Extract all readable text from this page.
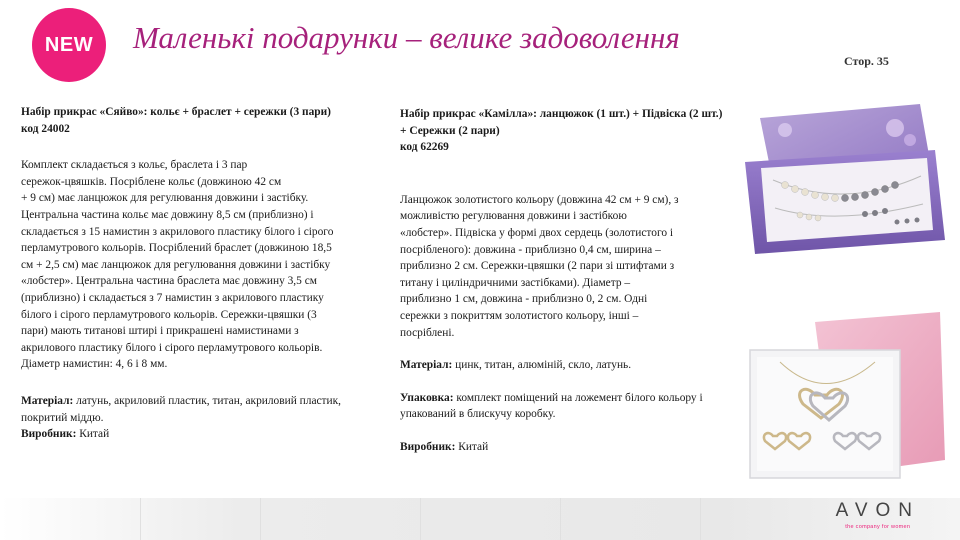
NEW Маленькі подарунки – велике задоволення
Стор. 35

Набір прикрас «Сяйво»: кольє + браслет + сережки (3 пари)

код 24002

Комплект складається з кольє, браслета і 3 пар

сережок-цвяшків. Посріблене кольє (довжиною 42 см

+ 9 см) має ланцюжок для регулювання довжини і застібку.

Центральна частина кольє має довжину 8,5 см (приблизно) і

складається з 15 намистин з акрилового пластику білого і сірого

перламутрового кольорів. Посріблений браслет (довжиною 18,5

см + 2,5 см) має ланцюжок для регулювання довжини і застібку

«лобстер». Центральна частина браслета має довжину 3,5 см

(приблизно) і складається з 7 намистин з акрилового пластику

білого і сірого перламутрового кольорів. Сережки-цвяшки (3

пари) мають титанові штирі і прикрашені намистинами з

акрилового пластику білого і сірого перламутрового кольорів.

Діаметр намистин: 4, 6 і 8 мм.

Матеріал: латунь, акриловий пластик, титан, акриловий пластик, покритий міддю.

Виробник: Китай

Набір прикрас «Камілла»: ланцюжок (1 шт.) + Підвіска (2 шт.) + Сережки (2 пари)

код 62269

Ланцюжок золотистого кольору (довжина 42 см + 9 см), з

можливістю регулювання довжини і застібкою

«лобстер». Підвіска у формі двох сердець (золотистого і

посрібленого): довжина - приблизно 0,4 см, ширина –

приблизно 2 см. Сережки-цвяшки (2 пари зі штифтами з

титану і циліндричними застібками). Діаметр –

приблизно 1 см, довжина - приблизно 0, 2 см. Одні

сережки з покриттям золотистого кольору, інші –

посріблені.

Матеріал: цинк, титан, алюміній, скло, латунь.

Упаковка: комплект поміщений на ложемент білого кольору і упакований в блискучу коробку.

Виробник: Китай

AVON
the company for women
